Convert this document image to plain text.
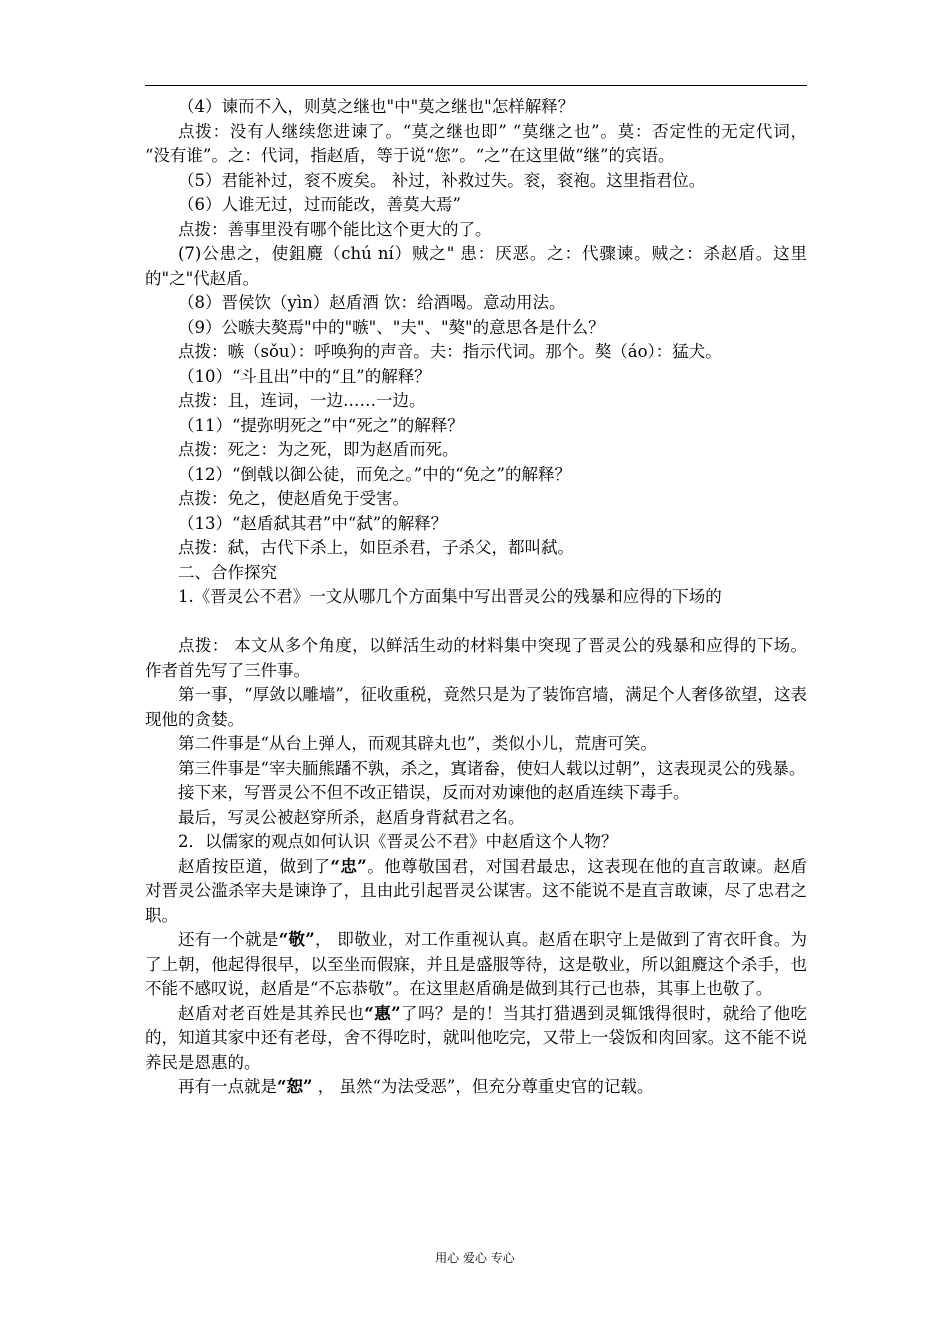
（4）谏而不入，则莫之继也"中"莫之继也"怎样解释？

点拨：没有人继续您进谏了。“莫之继也即” “莫继之也”。莫：否定性的无定代词， “没有谁”。之：代词，指赵盾，等于说“您”。“之”在这里做“继”的宾语。

（5）君能补过，衮不废矣。 补过，补救过失。衮，衮袍。这里指君位。

（6）人谁无过，过而能改，善莫大焉”

点拨：善事里没有哪个能比这个更大的了。

(7)公患之，使鉏麑（chú ní）贼之" 患：厌恶。之：代骤谏。贼之：杀赵盾。这里的"之"代赵盾。

（8）晋侯饮（yìn）赵盾酒 饮：给酒喝。意动用法。

（9）公嗾夫獒焉"中的"嗾"、"夫"、"獒"的意思各是什么？

点拨：嗾（sǒu）：呼唤狗的声音。夫：指示代词。那个。獒（áo）：猛犬。

（10）“斗且出”中的“且”的解释？

点拨：且，连词，一边……一边。

（11）“提弥明死之”中“死之”的解释？

点拨：死之：为之死，即为赵盾而死。

（12）“倒戟以御公徒，而免之。”中的“免之”的解释？

点拨：免之，使赵盾免于受害。

（13）“赵盾弑其君”中“弑”的解释？

点拨：弑，古代下杀上，如臣杀君，子杀父，都叫弑。

二、合作探究

1.《晋灵公不君》一文从哪几个方面集中写出晋灵公的残暴和应得的下场的

点拨： 本文从多个角度，以鲜活生动的材料集中突现了晋灵公的残暴和应得的下场。作者首先写了三件事。

第一事，“厚敛以雕墙”，征收重税，竟然只是为了装饰宫墙，满足个人奢侈欲望，这表现他的贪婪。

第二件事是“从台上弹人，而观其辟丸也”，类似小儿，荒唐可笑。

第三件事是“宰夫胹熊蹯不孰，杀之，寘诸畚，使妇人载以过朝”，这表现灵公的残暴。

接下来，写晋灵公不但不改正错误，反而对劝谏他的赵盾连续下毒手。

最后，写灵公被赵穿所杀，赵盾身背弑君之名。

2．以儒家的观点如何认识《晋灵公不君》中赵盾这个人物？

赵盾按臣道，做到了“忠”。他尊敬国君，对国君最忠，这表现在他的直言敢谏。赵盾对晋灵公滥杀宰夫是谏诤了，且由此引起晋灵公谋害。这不能说不是直言敢谏，尽了忠君之职。

还有一个就是“敬”， 即敬业，对工作重视认真。赵盾在职守上是做到了宵衣旰食。为了上朝，他起得很早，以至坐而假寐，并且是盛服等待，这是敬业，所以鉏麑这个杀手，也不能不感叹说，赵盾是“不忘恭敬”。在这里赵盾确是做到其行己也恭，其事上也敬了。

赵盾对老百姓是其养民也“惠”了吗？是的！当其打猎遇到灵辄饿得很时，就给了他吃的，知道其家中还有老母，舍不得吃时，就叫他吃完，又带上一袋饭和肉回家。这不能不说养民是恩惠的。

再有一点就是“恕” ， 虽然“为法受恶”，但充分尊重史官的记载。

用心 爱心 专心
